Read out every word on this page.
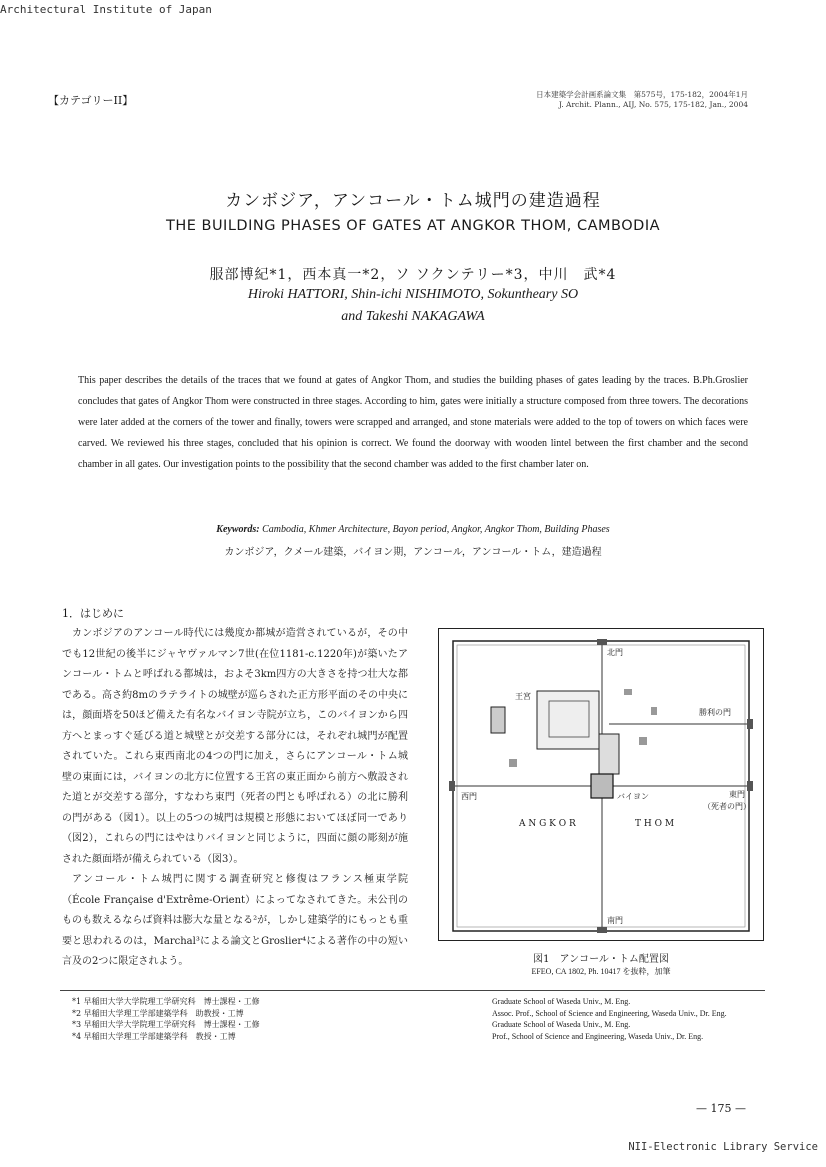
Architectural Institute of Japan
【カテゴリーII】	日本建築学会計画系論文集　第575号，175-182，2004年1月
J. Archit. Plann., AIJ, No. 575, 175-182, Jan., 2004
カンボジア，アンコール・トム城門の建造過程
THE BUILDING PHASES OF GATES AT ANGKOR THOM, CAMBODIA
服部博紀*1，西本真一*2，ソ ソクンテリー*3，中川　武*4
Hiroki HATTORI, Shin-ichi NISHIMOTO, Sokuntheary SO
and Takeshi NAKAGAWA
This paper describes the details of the traces that we found at gates of Angkor Thom, and studies the building phases of gates leading by the traces. B.Ph.Groslier concludes that gates of Angkor Thom were constructed in three stages. According to him, gates were initially a structure composed from three towers. The decorations were later added at the corners of the tower and finally, towers were scrapped and arranged, and stone materials were added to the top of towers on which faces were carved. We reviewed his three stages, concluded that his opinion is correct. We found the doorway with wooden lintel between the first chamber and the second chamber in all gates. Our investigation points to the possibility that the second chamber was added to the first chamber later on.
Keywords: Cambodia, Khmer Architecture, Bayon period, Angkor, Angkor Thom, Building Phases
カンボジア，クメール建築，バイヨン期，アンコール，アンコール・トム，建造過程
1．はじめに

カンボジアのアンコール時代には幾度か都城が造営されているが，その中でも12世紀の後半にジャヤヴァルマン7世(在位1181-c.1220年)が築いたアンコール・トムと呼ばれる都城は，およそ3km四方の大きさを持つ壮大な都である。高さ約8mのラテライトの城壁が巡らされた正方形平面のその中央には，顔面塔を50ほど備えた有名なバイヨン寺院が立ち，このバイヨンから四方へとまっすぐ延びる道と城壁とが交差する部分には，それぞれ城門が配置されていた。これら東西南北の4つの門に加え，さらにアンコール・トム城壁の東面には，バイヨンの北方に位置する王宮の東正面から前方へ敷設された道とが交差する部分，すなわち東門（死者の門とも呼ばれる）の北に勝利の門がある（図1）。以上の5つの城門は規模と形態においてほぼ同一であり（図2），これらの門にはやはりバイヨンと同じように，四面に顔の彫刻が施された顔面塔が備えられている（図3）。

アンコール・トム城門に関する調査研究と修復はフランス極東学院（École Française d'Extrême-Orient）によってなされてきた。未公刊のものも数えるならば資料は膨大な量となる²が，しかし建築学的にもっとも重要と思われるのは，Marchal³による論文とGroslier⁴による著作の中の短い言及の2つに限定されよう。

北門
王宮
勝利の門
西門	バイヨン	東門
（死者の門）
A N G K O R	T H O M
南門
図1　アンコール・トム配置図
EFEO, CA 1802, Ph. 10417 を抜粋，加筆
*1 早稲田大学大学院理工学研究科　博士課程・工修
*2 早稲田大学理工学部建築学科　助教授・工博
*3 早稲田大学大学院理工学研究科　博士課程・工修
*4 早稲田大学理工学部建築学科　教授・工博
Graduate School of Waseda Univ., M. Eng.
Assoc. Prof., School of Science and Engineering, Waseda Univ., Dr. Eng.
Graduate School of Waseda Univ., M. Eng.
Prof., School of Science and Engineering, Waseda Univ., Dr. Eng.
— 175 —
NII-Electronic Library Service
